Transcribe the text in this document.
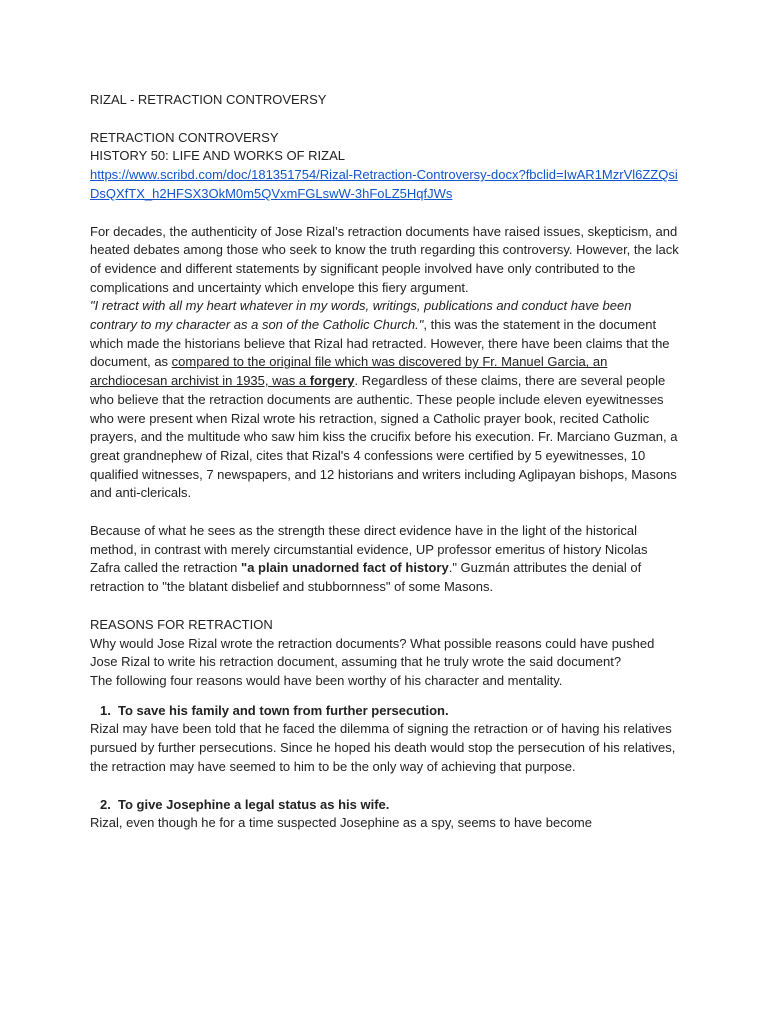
RIZAL - RETRACTION CONTROVERSY

RETRACTION CONTROVERSY

HISTORY 50: LIFE AND WORKS OF RIZAL

https://www.scribd.com/doc/181351754/Rizal-Retraction-Controversy-docx?fbclid=IwAR1MzrVl6ZZQsiDsQXfTX_h2HFSX3OkM0m5QVxmFGLswW-3hFoLZ5HqfJWs

For decades, the authenticity of Jose Rizal’s retraction documents have raised issues, skepticism, and heated debates among those who seek to know the truth regarding this controversy. However, the lack of evidence and different statements by significant people involved have only contributed to the complications and uncertainty which envelope this fiery argument.

"I retract with all my heart whatever in my words, writings, publications and conduct have been contrary to my character as a son of the Catholic Church.", this was the statement in the document which made the historians believe that Rizal had retracted. However, there have been claims that the document, as compared to the original file which was discovered by Fr. Manuel Garcia, an archdiocesan archivist in 1935, was a forgery. Regardless of these claims, there are several people who believe that the retraction documents are authentic. These people include eleven eyewitnesses who were present when Rizal wrote his retraction, signed a Catholic prayer book, recited Catholic prayers, and the multitude who saw him kiss the crucifix before his execution. Fr. Marciano Guzman, a great grandnephew of Rizal, cites that Rizal's 4 confessions were certified by 5 eyewitnesses, 10 qualified witnesses, 7 newspapers, and 12 historians and writers including Aglipayan bishops, Masons and anti-clericals.

Because of what he sees as the strength these direct evidence have in the light of the historical method, in contrast with merely circumstantial evidence, UP professor emeritus of history Nicolas Zafra called the retraction "a plain unadorned fact of history." Guzmán attributes the denial of retraction to "the blatant disbelief and stubbornness" of some Masons.

REASONS FOR RETRACTION

Why would Jose Rizal wrote the retraction documents? What possible reasons could have pushed Jose Rizal to write his retraction document, assuming that he truly wrote the said document?

The following four reasons would have been worthy of his character and mentality.

1. To save his family and town from further persecution.

Rizal may have been told that he faced the dilemma of signing the retraction or of having his relatives pursued by further persecutions. Since he hoped his death would stop the persecution of his relatives, the retraction may have seemed to him to be the only way of achieving that purpose.

2. To give Josephine a legal status as his wife.

Rizal, even though he for a time suspected Josephine as a spy, seems to have become
